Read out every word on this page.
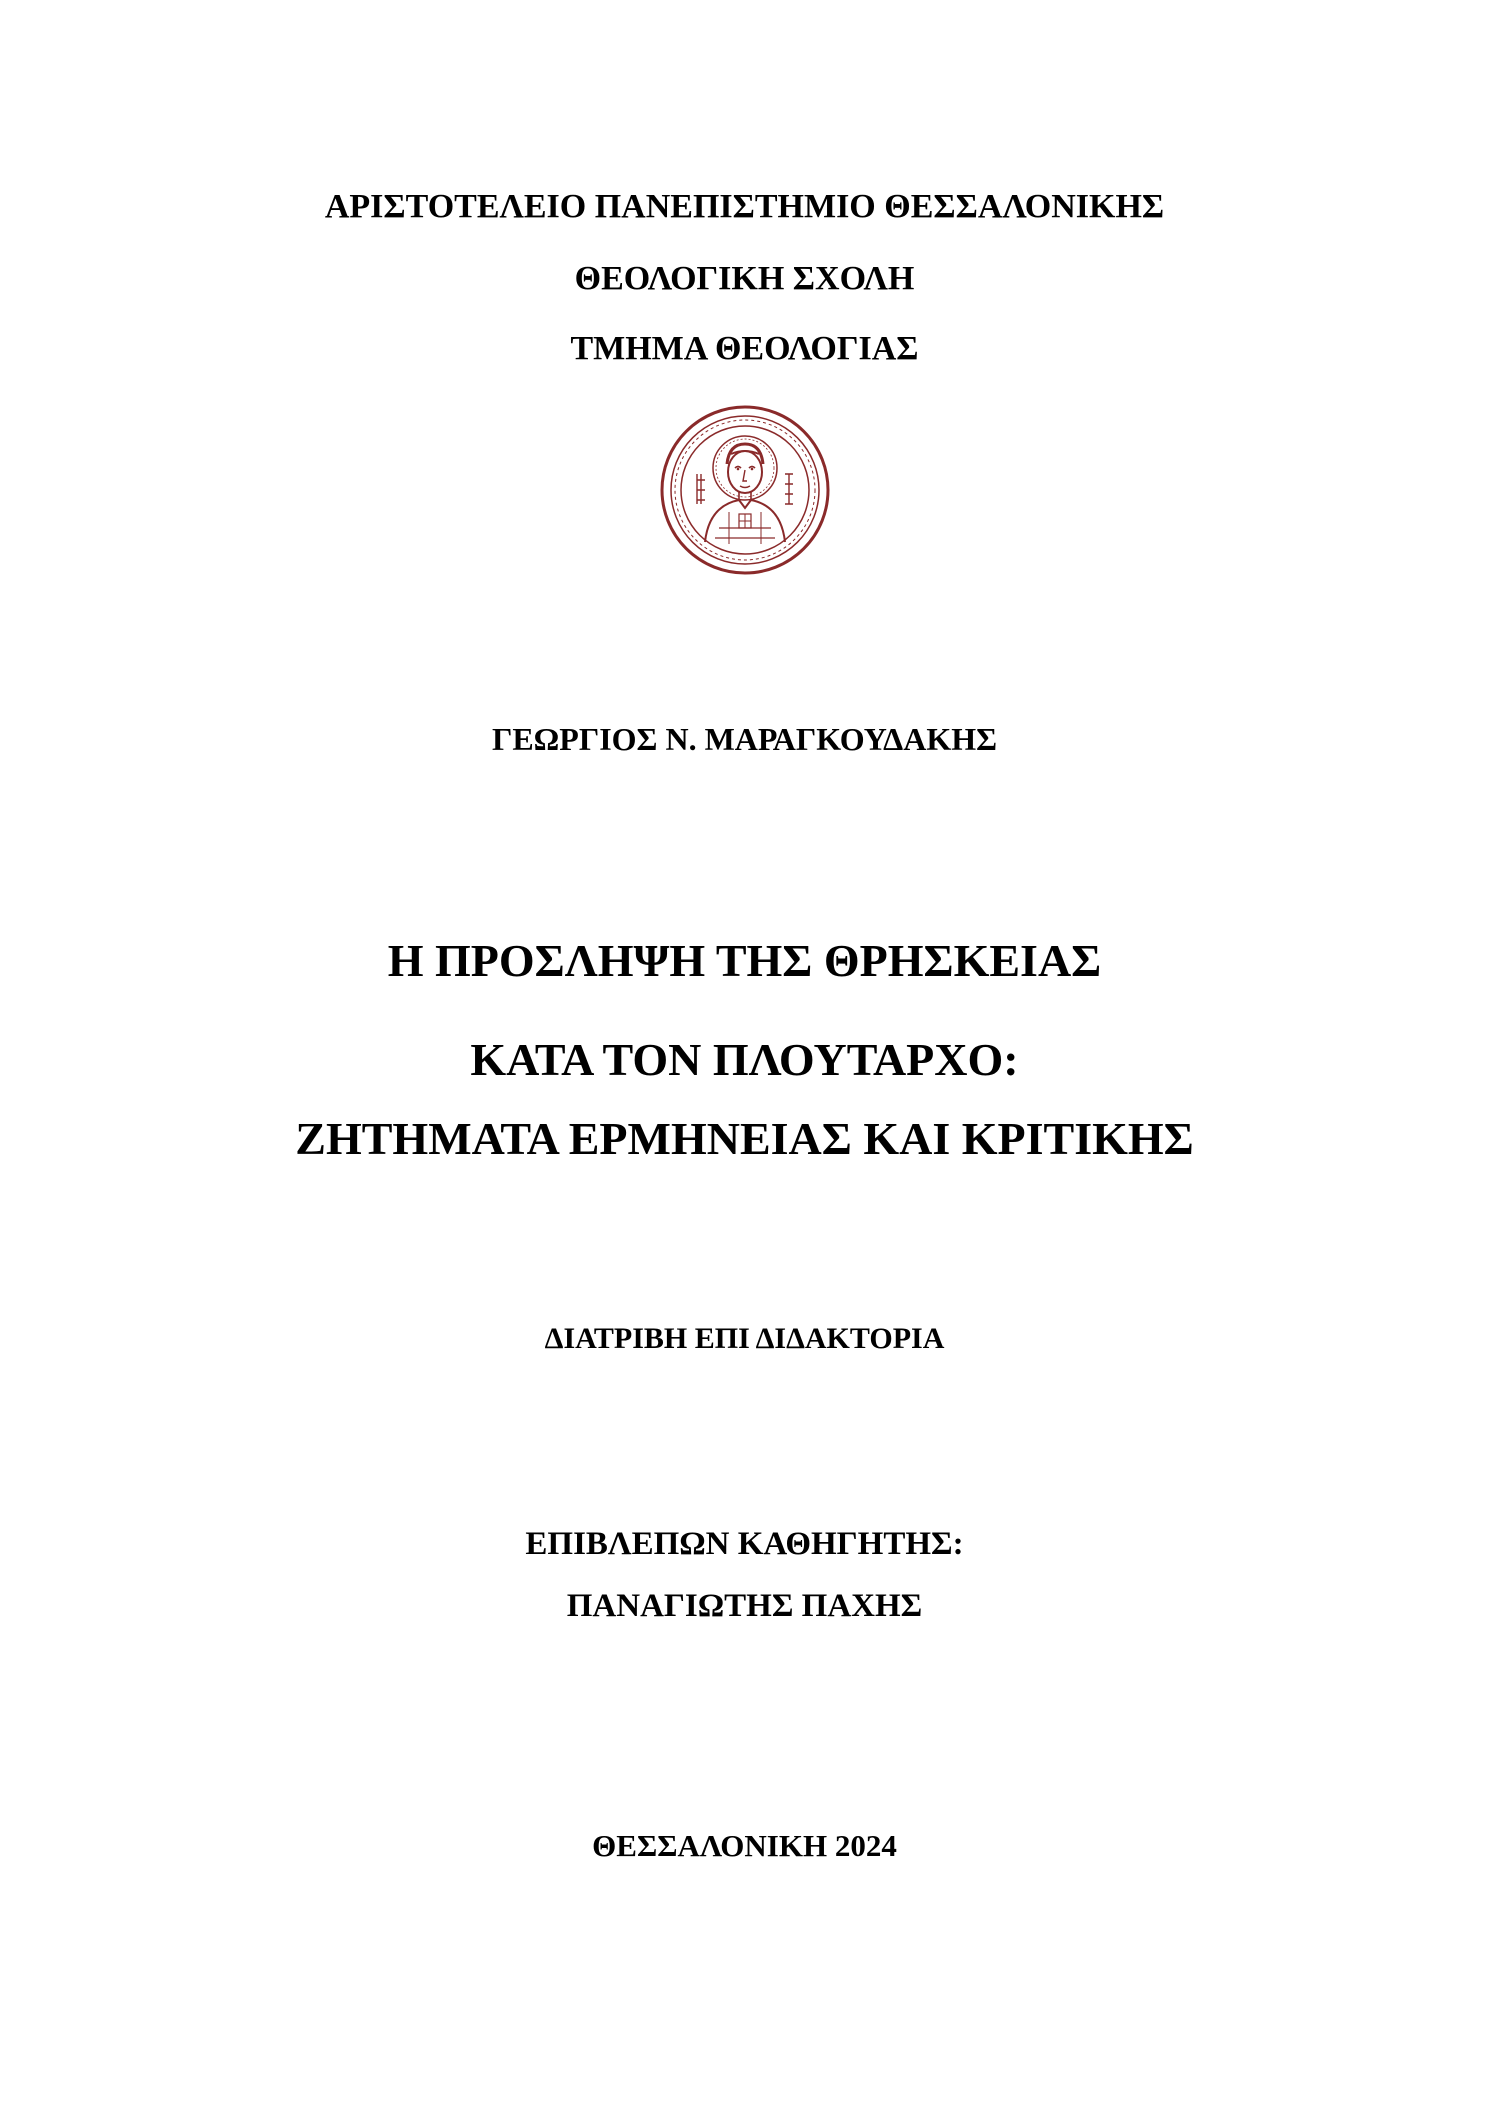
ΑΡΙΣΤΟΤΕΛΕΙΟ ΠΑΝΕΠΙΣΤΗΜΙΟ ΘΕΣΣΑΛΟΝΙΚΗΣ
ΘΕΟΛΟΓΙΚΗ ΣΧΟΛΗ
ΤΜΗΜΑ ΘΕΟΛΟΓΙΑΣ
ΓΕΩΡΓΙΟΣ Ν. ΜΑΡΑΓΚΟΥΔΑΚΗΣ
Η ΠΡΟΣΛΗΨΗ ΤΗΣ ΘΡΗΣΚΕΙΑΣ
ΚΑΤΑ ΤΟΝ ΠΛΟΥΤΑΡΧΟ:
ΖΗΤΗΜΑΤΑ ΕΡΜΗΝΕΙΑΣ ΚΑΙ ΚΡΙΤΙΚΗΣ
ΔΙΑΤΡΙΒΗ ΕΠΙ ΔΙΔΑΚΤΟΡΙΑ
ΕΠΙΒΛΕΠΩΝ ΚΑΘΗΓΗΤΗΣ:
ΠΑΝΑΓΙΩΤΗΣ ΠΑΧΗΣ
ΘΕΣΣΑΛΟΝΙΚΗ 2024
